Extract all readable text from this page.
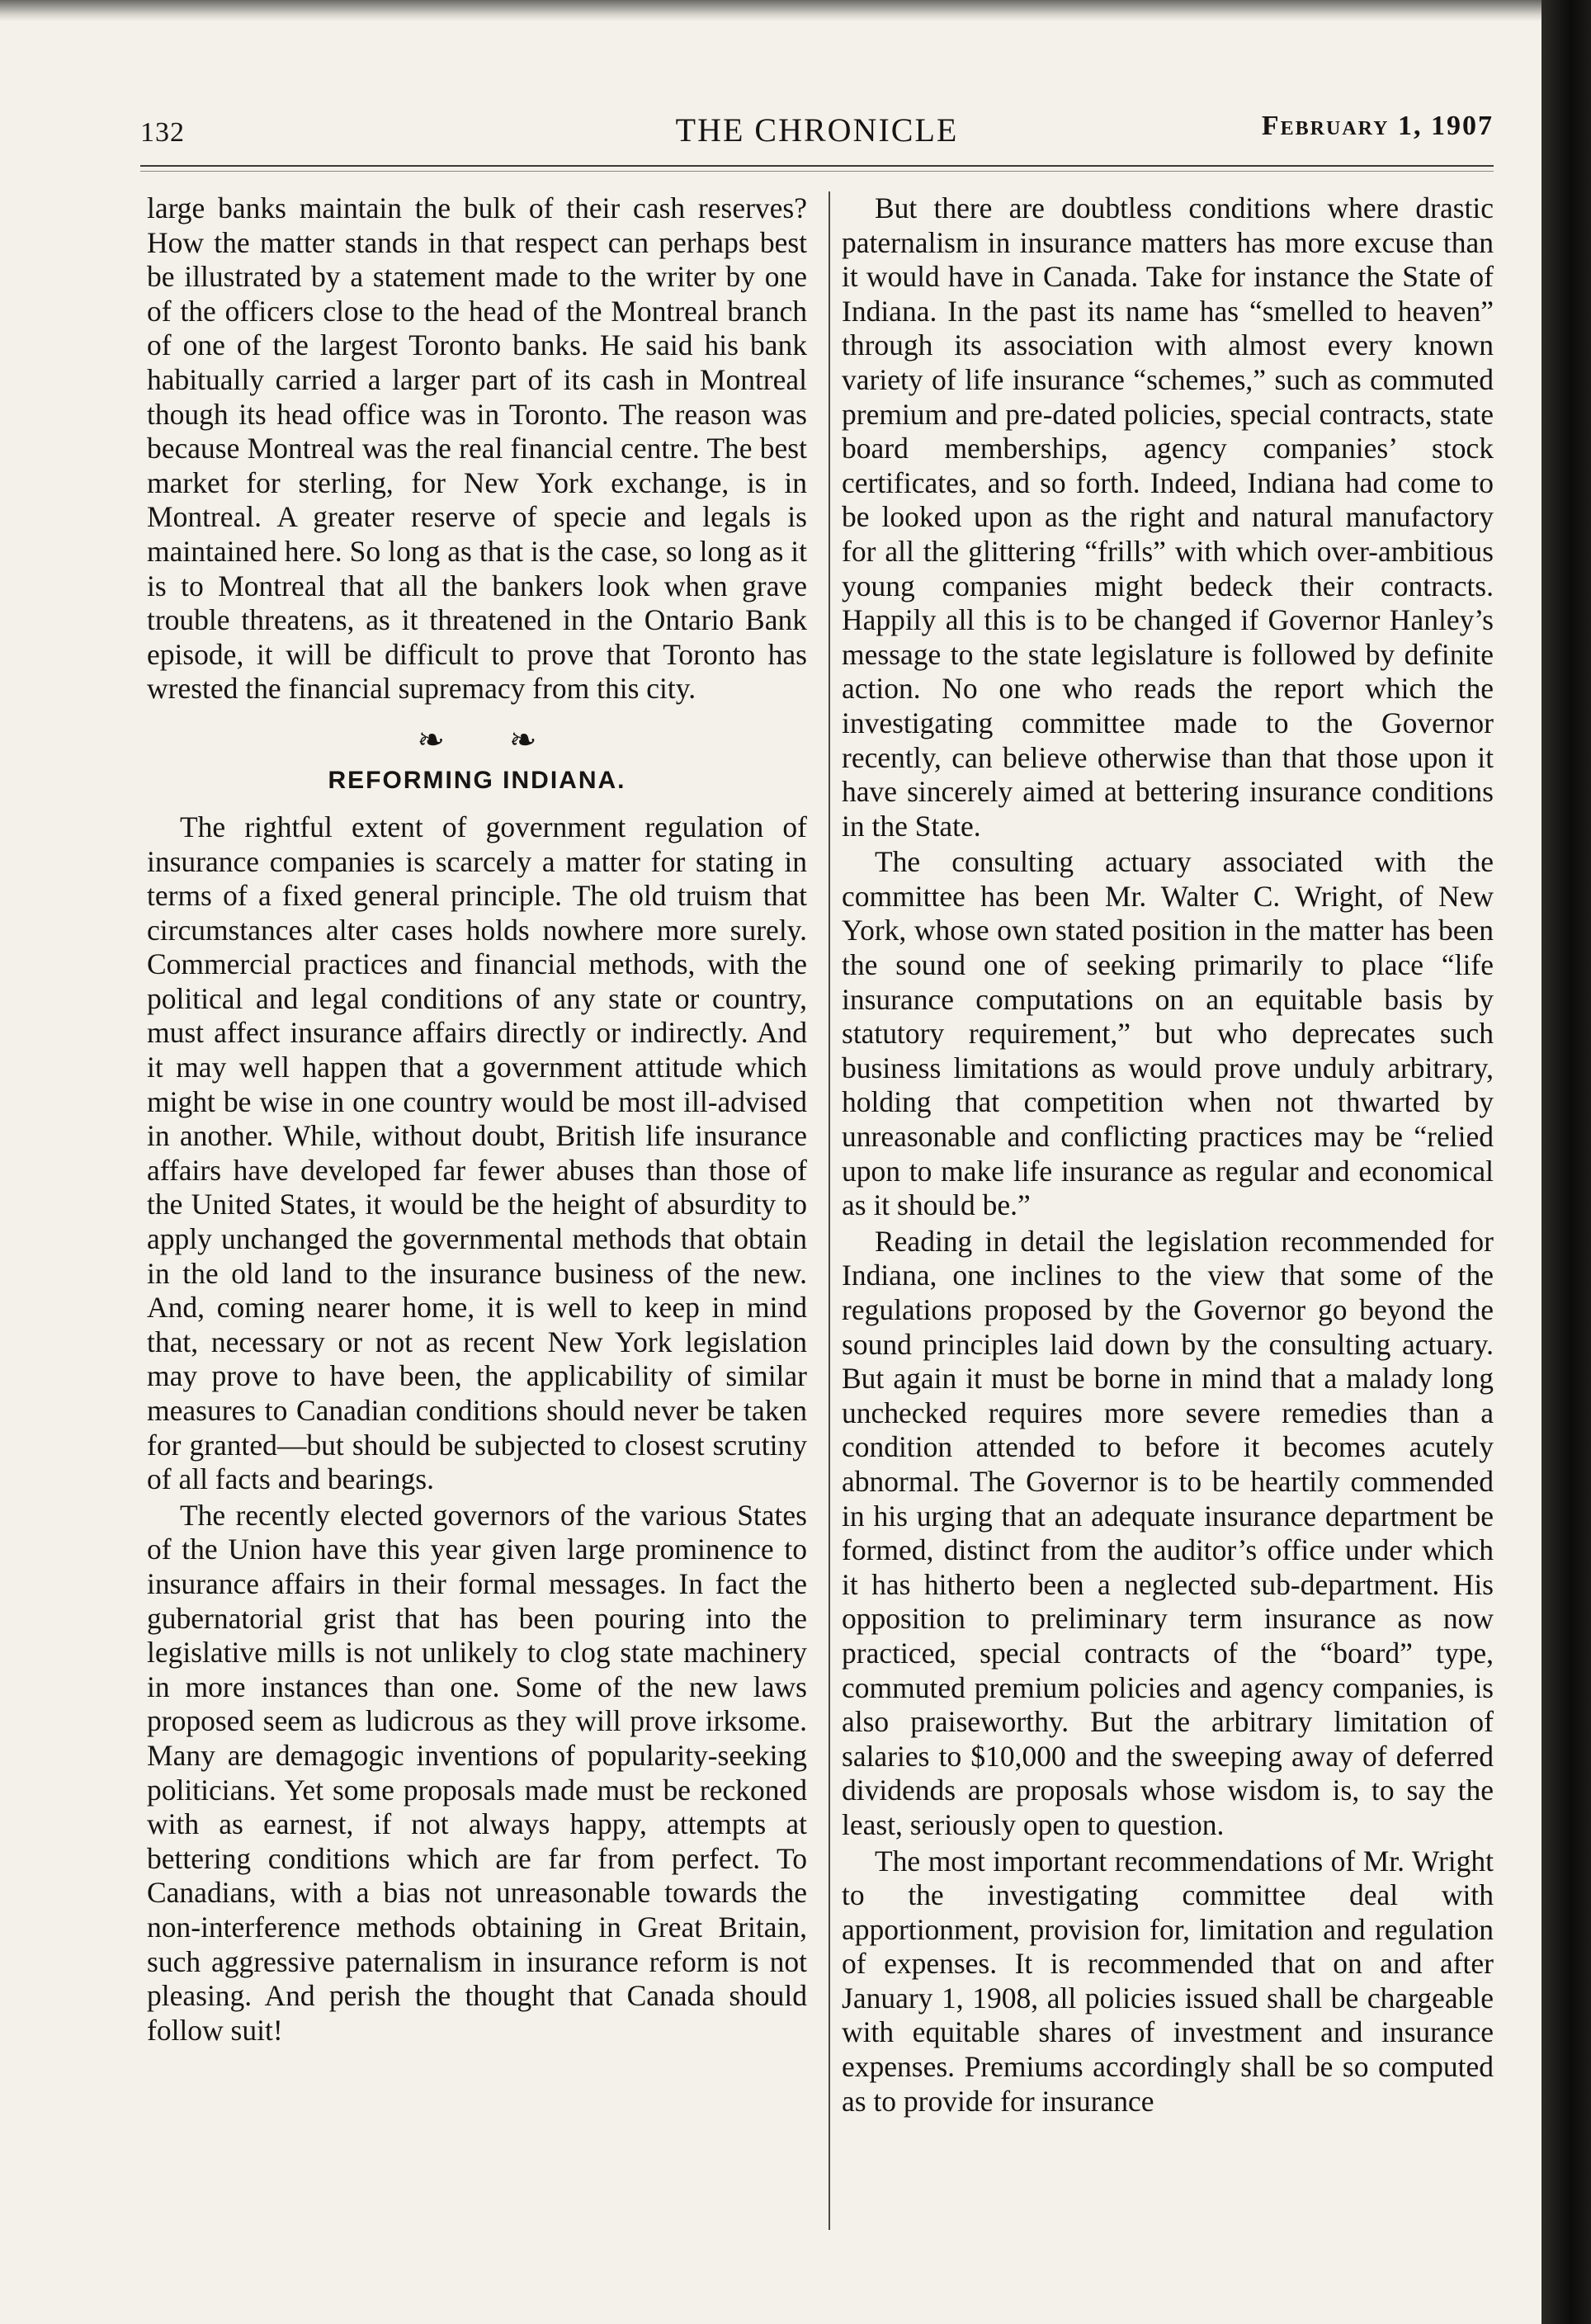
132	THE CHRONICLE	February 1, 1907

large banks maintain the bulk of their cash reserves? How the matter stands in that respect can perhaps best be illustrated by a statement made to the writer by one of the officers close to the head of the Montreal branch of one of the largest Toronto banks. He said his bank habitually carried a larger part of its cash in Montreal though its head office was in Toronto. The reason was because Montreal was the real financial centre. The best market for sterling, for New York exchange, is in Montreal. A greater reserve of specie and legals is maintained here. So long as that is the case, so long as it is to Montreal that all the bankers look when grave trouble threatens, as it threatened in the Ontario Bank episode, it will be difficult to prove that Toronto has wrested the financial supremacy from this city.

❧ ❧
REFORMING INDIANA.

The rightful extent of government regulation of insurance companies is scarcely a matter for stating in terms of a fixed general principle. The old truism that circumstances alter cases holds nowhere more surely. Commercial practices and financial methods, with the political and legal conditions of any state or country, must affect insurance affairs directly or indirectly. And it may well happen that a government attitude which might be wise in one country would be most ill-advised in another. While, without doubt, British life insurance affairs have developed far fewer abuses than those of the United States, it would be the height of absurdity to apply unchanged the governmental methods that obtain in the old land to the insurance business of the new. And, coming nearer home, it is well to keep in mind that, necessary or not as recent New York legislation may prove to have been, the applicability of similar measures to Canadian conditions should never be taken for granted—but should be subjected to closest scrutiny of all facts and bearings.

The recently elected governors of the various States of the Union have this year given large prominence to insurance affairs in their formal messages. In fact the gubernatorial grist that has been pouring into the legislative mills is not unlikely to clog state machinery in more instances than one. Some of the new laws proposed seem as ludicrous as they will prove irksome. Many are demagogic inventions of popularity-seeking politicians. Yet some proposals made must be reckoned with as earnest, if not always happy, attempts at bettering conditions which are far from perfect. To Canadians, with a bias not unreasonable towards the non-interference methods obtaining in Great Britain, such aggressive paternalism in insurance reform is not pleasing. And perish the thought that Canada should follow suit!

But there are doubtless conditions where drastic paternalism in insurance matters has more excuse than it would have in Canada. Take for instance the State of Indiana. In the past its name has “smelled to heaven” through its association with almost every known variety of life insurance “schemes,” such as commuted premium and pre-dated policies, special contracts, state board memberships, agency companies’ stock certificates, and so forth. Indeed, Indiana had come to be looked upon as the right and natural manufactory for all the glittering “frills” with which over-ambitious young companies might bedeck their contracts. Happily all this is to be changed if Governor Hanley’s message to the state legislature is followed by definite action. No one who reads the report which the investigating committee made to the Governor recently, can believe otherwise than that those upon it have sincerely aimed at bettering insurance conditions in the State.

The consulting actuary associated with the committee has been Mr. Walter C. Wright, of New York, whose own stated position in the matter has been the sound one of seeking primarily to place “life insurance computations on an equitable basis by statutory requirement,” but who deprecates such business limitations as would prove unduly arbitrary, holding that competition when not thwarted by unreasonable and conflicting practices may be “relied upon to make life insurance as regular and economical as it should be.”

Reading in detail the legislation recommended for Indiana, one inclines to the view that some of the regulations proposed by the Governor go beyond the sound principles laid down by the consulting actuary. But again it must be borne in mind that a malady long unchecked requires more severe remedies than a condition attended to before it becomes acutely abnormal. The Governor is to be heartily commended in his urging that an adequate insurance department be formed, distinct from the auditor’s office under which it has hitherto been a neglected sub-department. His opposition to preliminary term insurance as now practiced, special contracts of the “board” type, commuted premium policies and agency companies, is also praiseworthy. But the arbitrary limitation of salaries to $10,000 and the sweeping away of deferred dividends are proposals whose wisdom is, to say the least, seriously open to question.

The most important recommendations of Mr. Wright to the investigating committee deal with apportionment, provision for, limitation and regulation of expenses. It is recommended that on and after January 1, 1908, all policies issued shall be chargeable with equitable shares of investment and insurance expenses. Premiums accordingly shall be so computed as to provide for insurance
